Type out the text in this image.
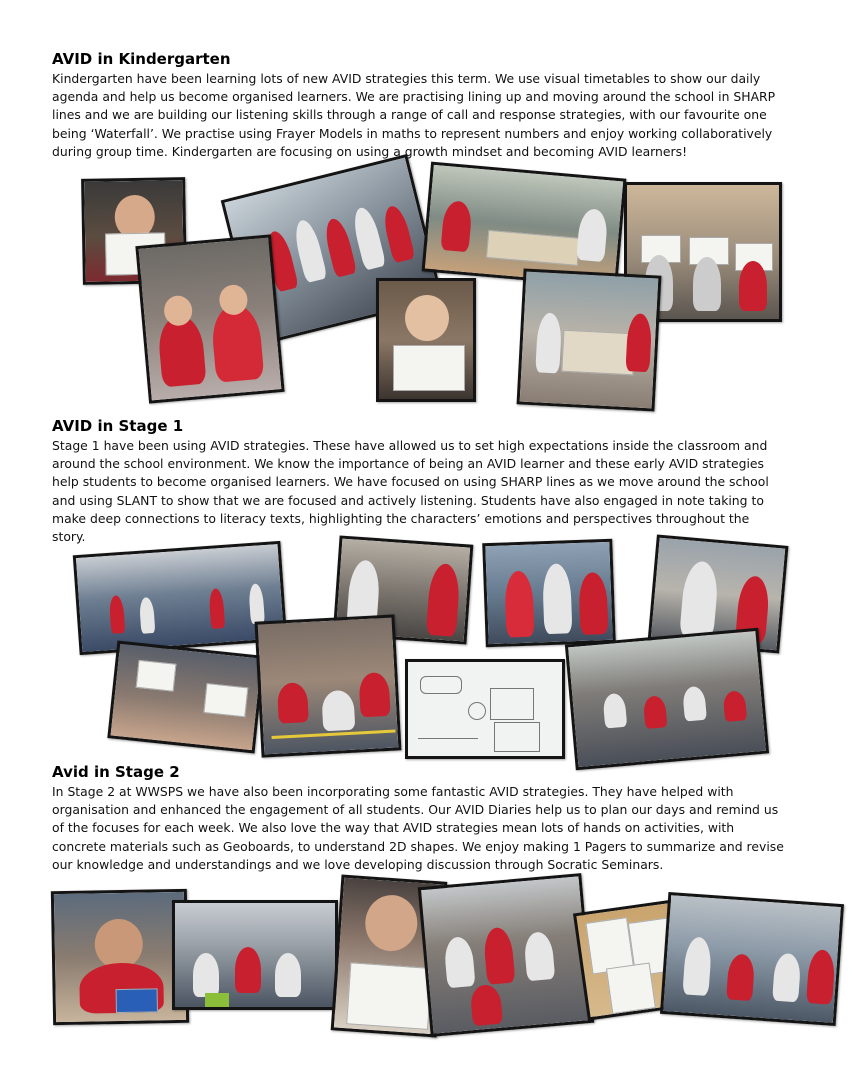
AVID in Kindergarten
Kindergarten have been learning lots of new AVID strategies this term. We use visual timetables to show our daily
agenda and help us become organised learners. We are practising lining up and moving around the school in SHARP
lines and we are building our listening skills through a range of call and response strategies, with our favourite one
being ‘Waterfall’. We practise using Frayer Models in maths to represent numbers and enjoy working collaboratively
during group time. Kindergarten are focusing on using a growth mindset and becoming AVID learners!
AVID in Stage 1
Stage 1 have been using AVID strategies. These have allowed us to set high expectations inside the classroom and
around the school environment. We know the importance of being an AVID learner and these early AVID strategies
help students to become organised learners. We have focused on using SHARP lines as we move around the school
and using SLANT to show that we are focused and actively listening. Students have also engaged in note taking to
make deep connections to literacy texts, highlighting the characters’ emotions and perspectives throughout the
story.
Avid in Stage 2
In Stage 2 at WWSPS we have also been incorporating some fantastic AVID strategies. They have helped with
organisation and enhanced the engagement of all students. Our AVID Diaries help us to plan our days and remind us
of the focuses for each week. We also love the way that AVID strategies mean lots of hands on activities, with
concrete materials such as Geoboards, to understand 2D shapes. We enjoy making 1 Pagers to summarize and revise
our knowledge and understandings and we love developing discussion through Socratic Seminars.
